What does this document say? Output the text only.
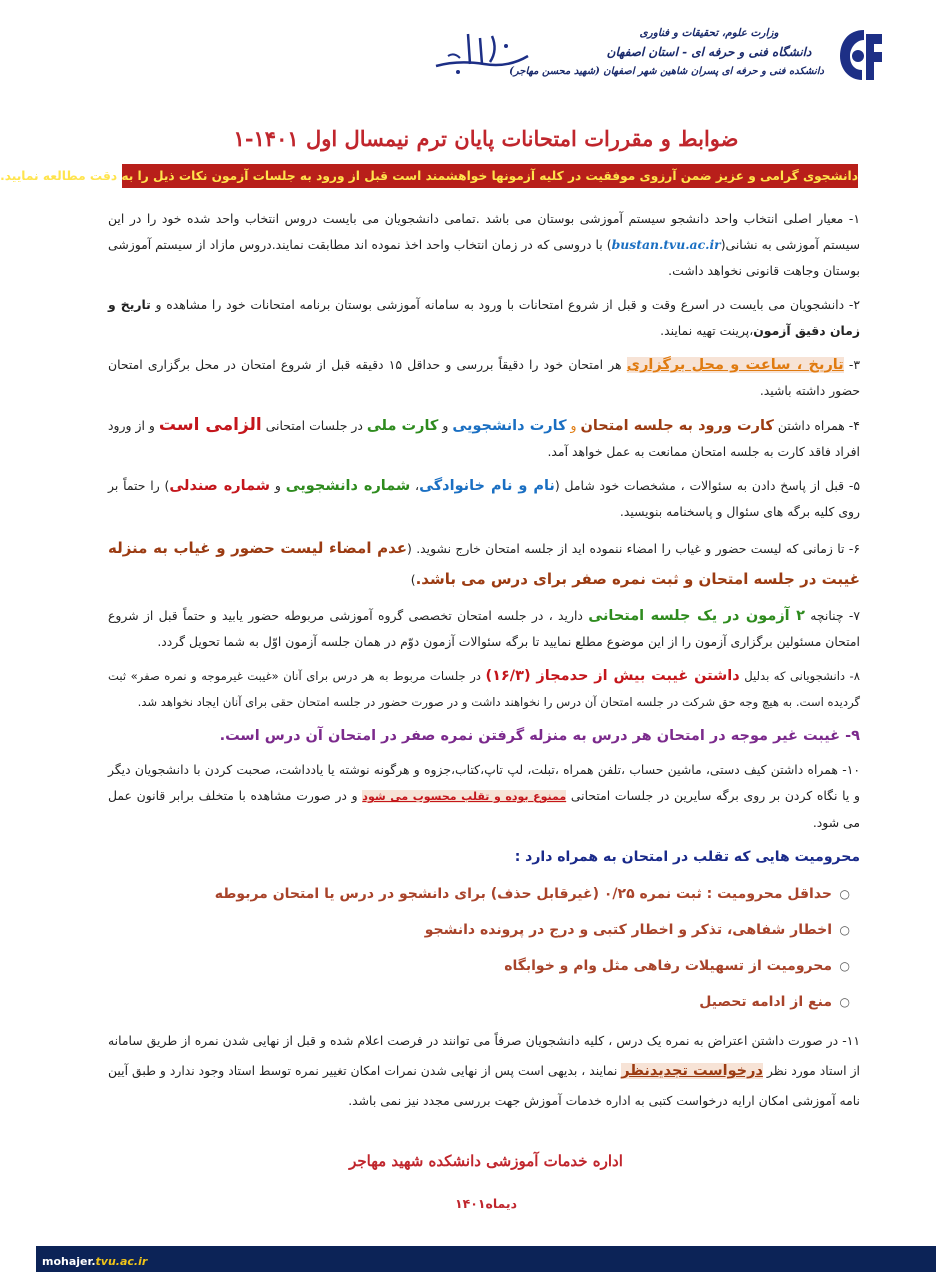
وزارت علوم، تحقیقات و فناوری
دانشگاه فنی و حرفه ای - استان اصفهان
دانشکده فنی و حرفه ای پسران شاهین شهر اصفهان (شهید محسن مهاجر)
ضوابط و مقررات امتحانات پایان ترم نیمسال اول ۱۴۰۱-۱
دانشجوی گرامی و عزیز ضمن آرزوی موفقیت در کلیه آزمونها خواهشمند است قبل از ورود به جلسات آزمون نکات ذیل را به دقت مطالعه نمایید.

۱- معیار اصلی انتخاب واحد دانشجو سیستم آموزشی بوستان می باشد .تمامی دانشجویان می بایست دروس انتخاب واحد شده خود را در این سیستم آموزشی به نشانی(bustan.tvu.ac.ir) با دروسی که در زمان انتخاب واحد اخذ نموده اند مطابقت نمایند.دروس مازاد از سیستم آموزشی بوستان وجاهت قانونی نخواهد داشت.

۲- دانشجویان می بایست در اسرع وقت و قبل از شروع امتحانات با ورود به سامانه آموزشی بوستان برنامه امتحانات خود را مشاهده و تاریخ و زمان دقیق آزمون،پرینت تهیه نمایند.

۳- تاریخ ، ساعت و محل برگزاری هر امتحان خود را دقیقاً بررسی و حداقل ۱۵ دقیقه قبل از شروع امتحان در محل برگزاری امتحان حضور داشته باشید.

۴- همراه داشتن کارت ورود به جلسه امتحان و کارت دانشجویی و کارت ملی در جلسات امتحانی الزامی است و از ورود افراد فاقد کارت به جلسه امتحان ممانعت به عمل خواهد آمد.

۵- قبل از پاسخ دادن به سئوالات ، مشخصات خود شامل (نام و نام خانوادگی، شماره دانشجویی و شماره صندلی) را حتماً بر روی کلیه برگه های سئوال و پاسخنامه بنویسید.

۶- تا زمانی که لیست حضور و غیاب را امضاء ننموده اید از جلسه امتحان خارج نشوید. (عدم امضاء لیست حضور و غیاب به منزله غیبت در جلسه امتحان و ثبت نمره صفر برای درس می باشد.)

۷- چنانچه ۲ آزمون در یک جلسه امتحانی دارید ، در جلسه امتحان تخصصی گروه آموزشی مربوطه حضور یابید و حتماً قبل از شروع امتحان مسئولین برگزاری آزمون را از این موضوع مطلع نمایید تا برگه سئوالات آزمون دوّم در همان جلسه آزمون اوّل به شما تحویل گردد.

۸- دانشجویانی که بدلیل داشتن غیبت بیش از حدمجاز (۱۶/۳) در جلسات مربوط به هر درس برای آنان «غیبت غیرموجه و نمره صفر» ثبت گردیده است. به هیچ وجه حق شرکت در جلسه امتحان آن درس را نخواهند داشت و در صورت حضور در جلسه امتحان حقی برای آنان ایجاد نخواهد شد.

۹- غیبت غیر موجه در امتحان هر درس به منزله گرفتن نمره صفر در امتحان آن درس است.

۱۰- همراه داشتن کیف دستی، ماشین حساب ،تلفن همراه ،تبلت، لپ تاپ،کتاب،جزوه و هرگونه نوشته یا یادداشت، صحبت کردن با دانشجویان دیگر و یا نگاه کردن بر روی برگه سایرین در جلسات امتحانی ممنوع بوده و تقلب محسوب می شود و در صورت مشاهده با متخلف برابر قانون عمل می شود.

محرومیت هایی که تقلب در امتحان به همراه دارد :
○
حداقل محرومیت : ثبت نمره ۰/۲۵ (غیرقابل حذف) برای دانشجو در درس یا امتحان مربوطه
○
اخطار شفاهی، تذکر و اخطار کتبی و درج در پرونده دانشجو
○
محرومیت از تسهیلات رفاهی مثل وام و خوابگاه
○
منع از ادامه تحصیل

۱۱- در صورت داشتن اعتراض به نمره یک درس ، کلیه دانشجویان صرفاً می توانند در فرصت اعلام شده و قبل از نهایی شدن نمره از طریق سامانه از استاد مورد نظر درخواست تجدیدنظر نمایند ، بدیهی است پس از نهایی شدن نمرات امکان تغییر نمره توسط استاد وجود ندارد و طبق آیین نامه آموزشی امکان ارایه درخواست کتبی به اداره خدمات آموزش جهت بررسی مجدد نیز نمی باشد.

اداره خدمات آموزشی دانشکده شهید مهاجر
دیماه۱۴۰۱
mohajer.tvu.ac.ir
